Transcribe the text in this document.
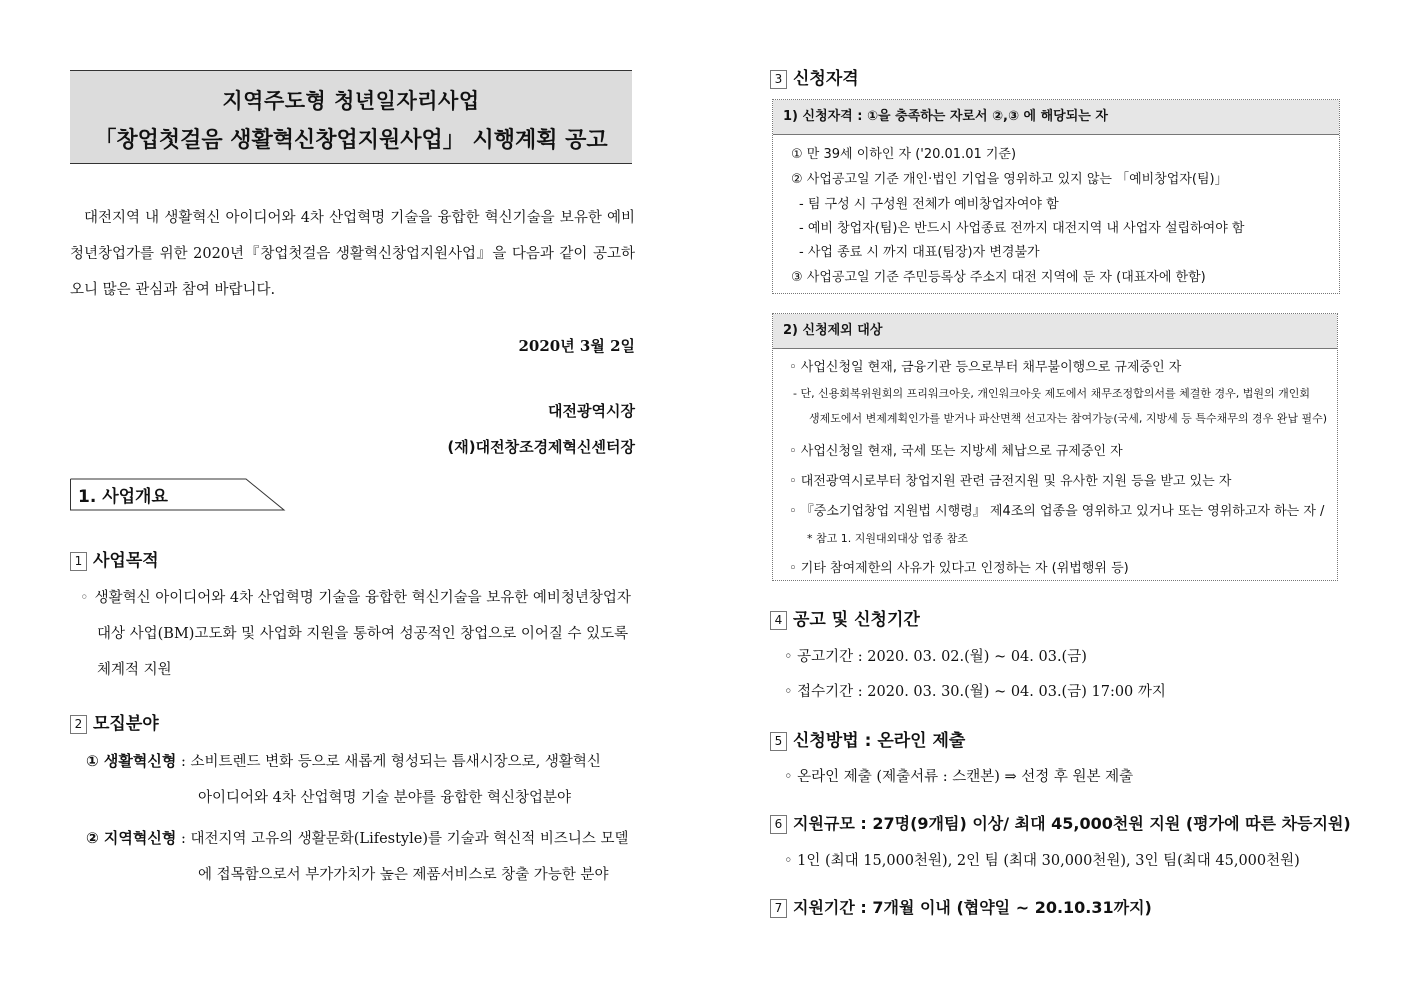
지역주도형 청년일자리사업
「창업첫걸음 생활혁신창업지원사업」 시행계획 공고
대전지역 내 생활혁신 아이디어와 4차 산업혁명 기술을 융합한 혁신기술을 보유한 예비청년창업가를 위한 2020년『창업첫걸음 생활혁신창업지원사업』을 다음과 같이 공고하오니 많은 관심과 참여 바랍니다.
2020년 3월 2일
대전광역시장
(재)대전창조경제혁신센터장
1. 사업개요
1 사업목적
◦ 생활혁신 아이디어와 4차 산업혁명 기술을 융합한 혁신기술을 보유한 예비청년창업자
대상 사업(BM)고도화 및 사업화 지원을 통하여 성공적인 창업으로 이어질 수 있도록
체계적 지원
2 모집분야
① 생활혁신형 : 소비트렌드 변화 등으로 새롭게 형성되는 틈새시장으로, 생활혁신
아이디어와 4차 산업혁명 기술 분야를 융합한 혁신창업분야
② 지역혁신형 : 대전지역 고유의 생활문화(Lifestyle)를 기술과 혁신적 비즈니스 모델
에 접목함으로서 부가가치가 높은 제품서비스로 창출 가능한 분야
3 신청자격
1) 신청자격 : ①을 충족하는 자로서 ②,③ 에 해당되는 자
① 만 39세 이하인 자 ('20.01.01 기준)
② 사업공고일 기준 개인·법인 기업을 영위하고 있지 않는 「예비창업자(팀)」
- 팀 구성 시 구성원 전체가 예비창업자여야 함
- 예비 창업자(팀)은 반드시 사업종료 전까지 대전지역 내 사업자 설립하여야 함
- 사업 종료 시 까지 대표(팀장)자 변경불가
③ 사업공고일 기준 주민등록상 주소지 대전 지역에 둔 자 (대표자에 한함)
2) 신청제외 대상
◦ 사업신청일 현재, 금융기관 등으로부터 채무불이행으로 규제중인 자
- 단, 신용회복위원회의 프리워크아웃, 개인워크아웃 제도에서 채무조정합의서를 체결한 경우, 법원의 개인회
생제도에서 변제계획인가를 받거나 파산면책 선고자는 참여가능(국세, 지방세 등 특수채무의 경우 완납 필수)
◦ 사업신청일 현재, 국세 또는 지방세 체납으로 규제중인 자
◦ 대전광역시로부터 창업지원 관련 금전지원 및 유사한 지원 등을 받고 있는 자
◦ 『중소기업창업 지원법 시행령』 제4조의 업종을 영위하고 있거나 또는 영위하고자 하는 자 /
* 참고 1. 지원대외대상 업종 참조
◦ 기타 참여제한의 사유가 있다고 인정하는 자 (위법행위 등)
4 공고 및 신청기간
◦ 공고기간 : 2020. 03. 02.(월) ~ 04. 03.(금)
◦ 접수기간 : 2020. 03. 30.(월) ~ 04. 03.(금) 17:00 까지
5 신청방법 : 온라인 제출
◦ 온라인 제출 (제출서류 : 스캔본) ⇒ 선정 후 원본 제출
6 지원규모 : 27명(9개팀) 이상/ 최대 45,000천원 지원 (평가에 따른 차등지원)
◦ 1인 (최대 15,000천원), 2인 팀 (최대 30,000천원), 3인 팀(최대 45,000천원)
7 지원기간 : 7개월 이내 (협약일 ~ 20.10.31까지)
